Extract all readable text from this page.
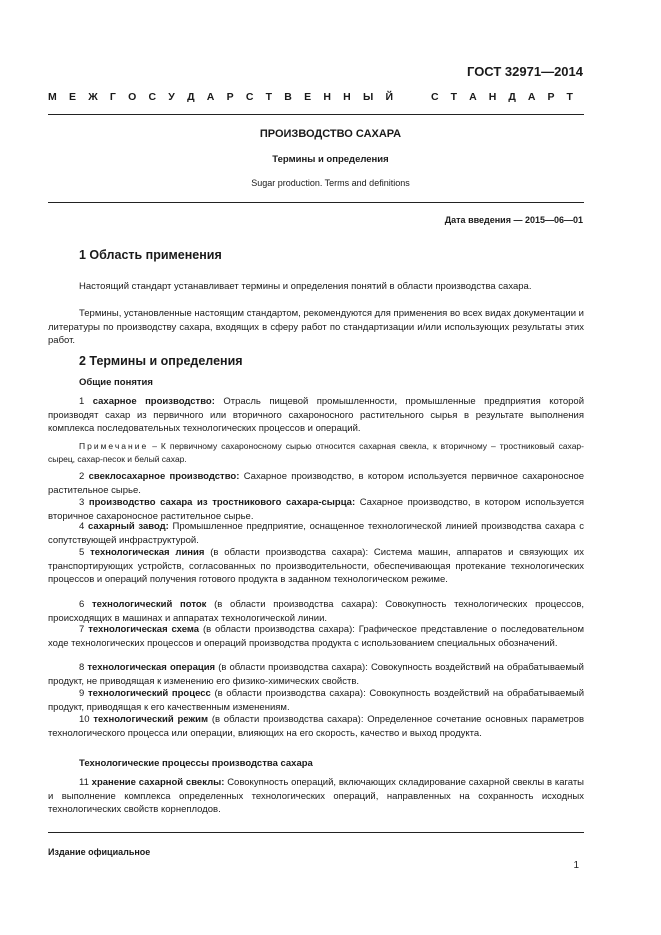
ГОСТ 32971—2014
М Е Ж Г О С У Д А Р С Т В Е Н Н Ы Й	С Т А Н Д А Р Т
ПРОИЗВОДСТВО САХАРА
Термины и определения
Sugar production. Terms and definitions
Дата введения — 2015—06—01
1 Область применения
Настоящий стандарт устанавливает термины и определения понятий в области производства сахара.
Термины, установленные настоящим стандартом, рекомендуются для применения во всех видах документации и литературы по производству сахара, входящих в сферу работ по стандартизации и/или использующих результаты этих работ.
2 Термины и определения
Общие понятия
1 сахарное производство: Отрасль пищевой промышленности, промышленные предприятия которой производят сахар из первичного или вторичного сахароносного растительного сырья в результате выполнения комплекса последовательных технологических процессов и операций.
Примечание – К первичному сахароносному сырью относится сахарная свекла, к вторичному – тростниковый сахар-сырец, сахар-песок и белый сахар.
2 свеклосахарное производство: Сахарное производство, в котором используется первичное сахароносное растительное сырье.
3 производство сахара из тростникового сахара-сырца: Сахарное производство, в котором используется вторичное сахароносное растительное сырье.
4 сахарный завод: Промышленное предприятие, оснащенное технологической линией производства сахара с сопутствующей инфраструктурой.
5 технологическая линия (в области производства сахара): Система машин, аппаратов и связующих их транспортирующих устройств, согласованных по производительности, обеспечивающая протекание технологических процессов и операций получения готового продукта в заданном технологическом режиме.
6 технологический поток (в области производства сахара): Совокупность технологических процессов, происходящих в машинах и аппаратах технологической линии.
7 технологическая схема (в области производства сахара): Графическое представление о последовательном ходе технологических процессов и операций производства продукта с использованием специальных обозначений.
8 технологическая операция (в области производства сахара): Совокупность воздействий на обрабатываемый продукт, не приводящая к изменению его физико-химических свойств.
9 технологический процесс (в области производства сахара): Совокупность воздействий на обрабатываемый продукт, приводящая к его качественным изменениям.
10 технологический режим (в области производства сахара): Определенное сочетание основных параметров технологического процесса или операции, влияющих на его скорость, качество и выход продукта.
Технологические процессы производства сахара
11 хранение сахарной свеклы: Совокупность операций, включающих складирование сахарной свеклы в кагаты и выполнение комплекса определенных технологических операций, направленных на сохранность исходных технологических свойств корнеплодов.
Издание официальное
1
